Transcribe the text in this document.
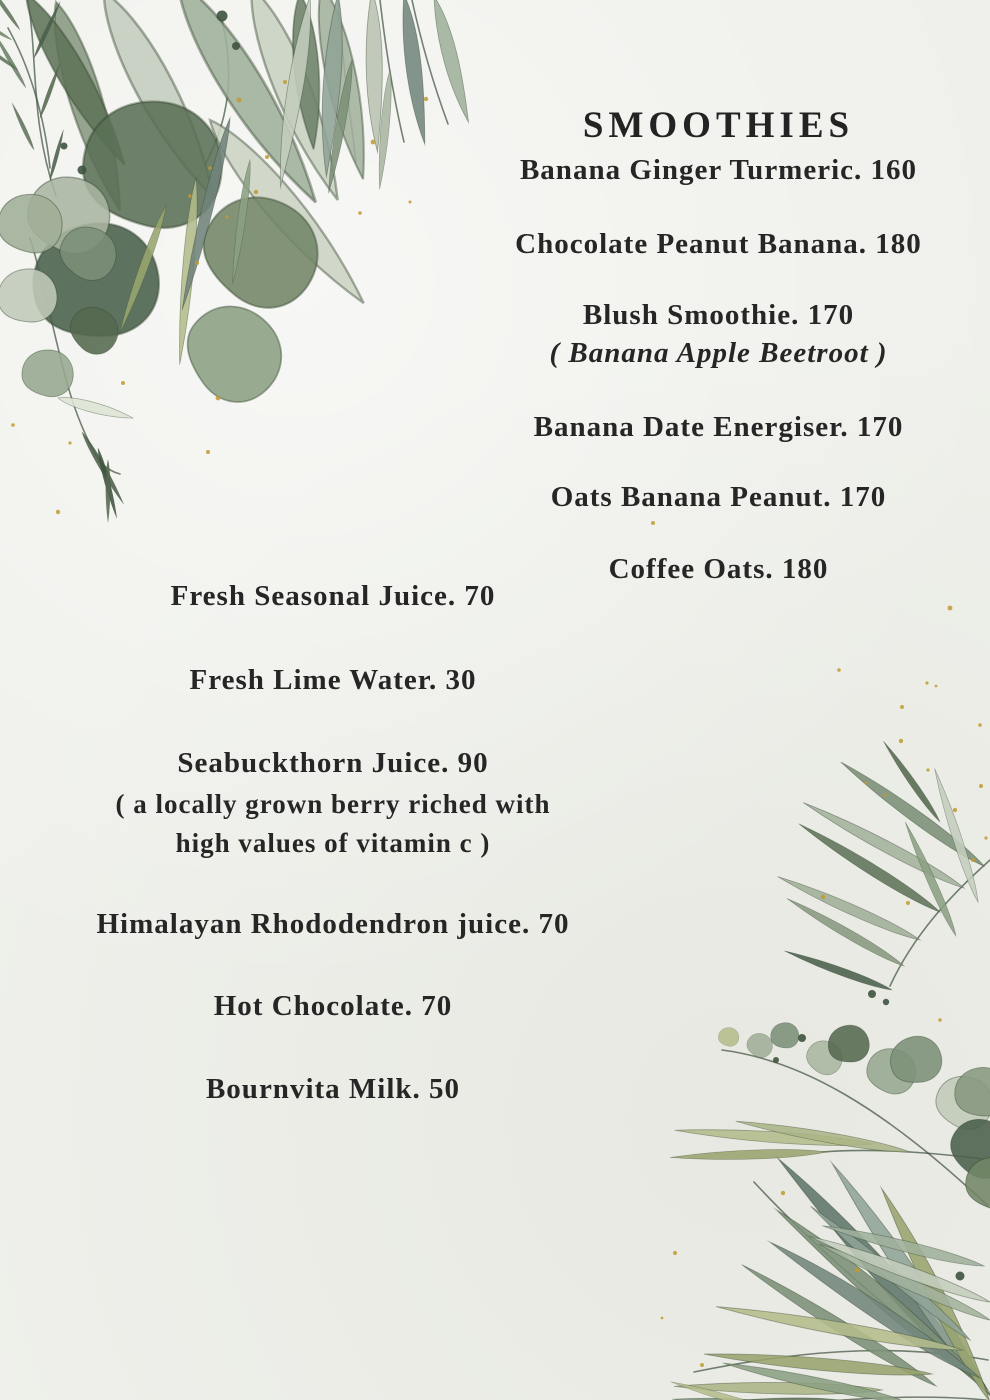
SMOOTHIES
Banana Ginger Turmeric. 160
Chocolate Peanut Banana. 180
Blush Smoothie. 170
( Banana Apple Beetroot )
Banana Date Energiser. 170
Oats Banana Peanut. 170
Coffee Oats. 180
Fresh Seasonal Juice. 70
Fresh Lime Water. 30
Seabuckthorn Juice. 90
( a locally grown berry riched with
high values of vitamin c )
Himalayan Rhododendron juice. 70
Hot Chocolate. 70
Bournvita Milk. 50
